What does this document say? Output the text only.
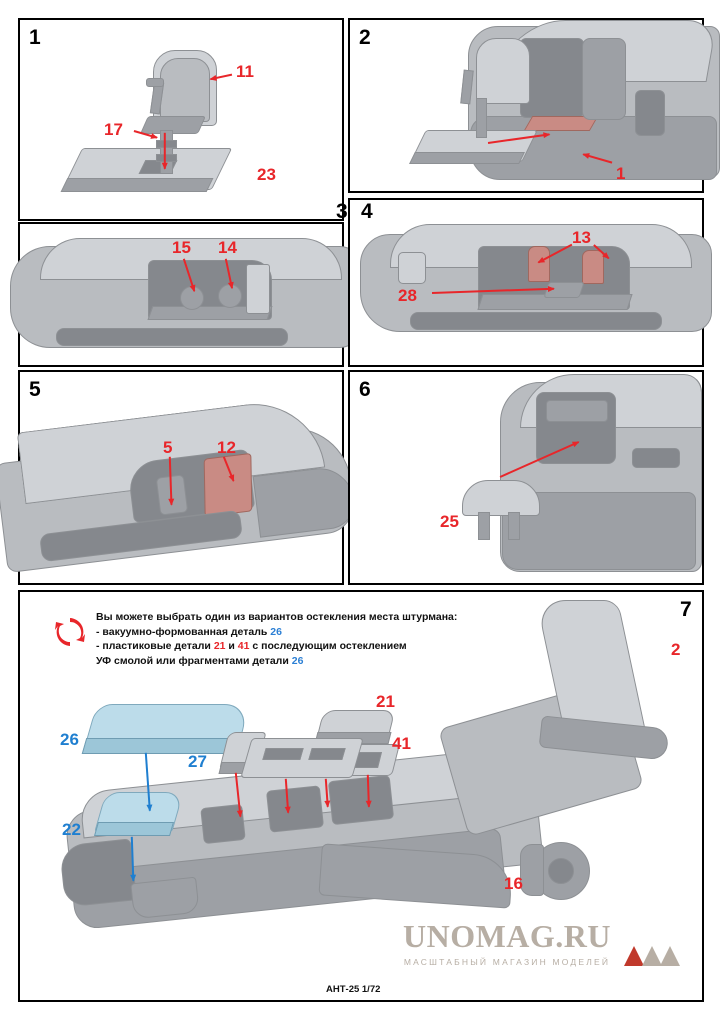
1
11
17
23
2
1
3
15 14
4
13
28
5
5	12
6
25
Вы можете выбрать один из вариантов остекления места штурмана:
- вакуумно-формованная деталь 26
- пластиковые детали 21 и 41 с последующим остеклением
УФ смолой или фрагментами детали 26
7
2
21
41
26
27
22
16
UNOMAG.RU
МАСШТАБНЫЙ МАГАЗИН МОДЕЛЕЙ
АНТ-25 1/72
